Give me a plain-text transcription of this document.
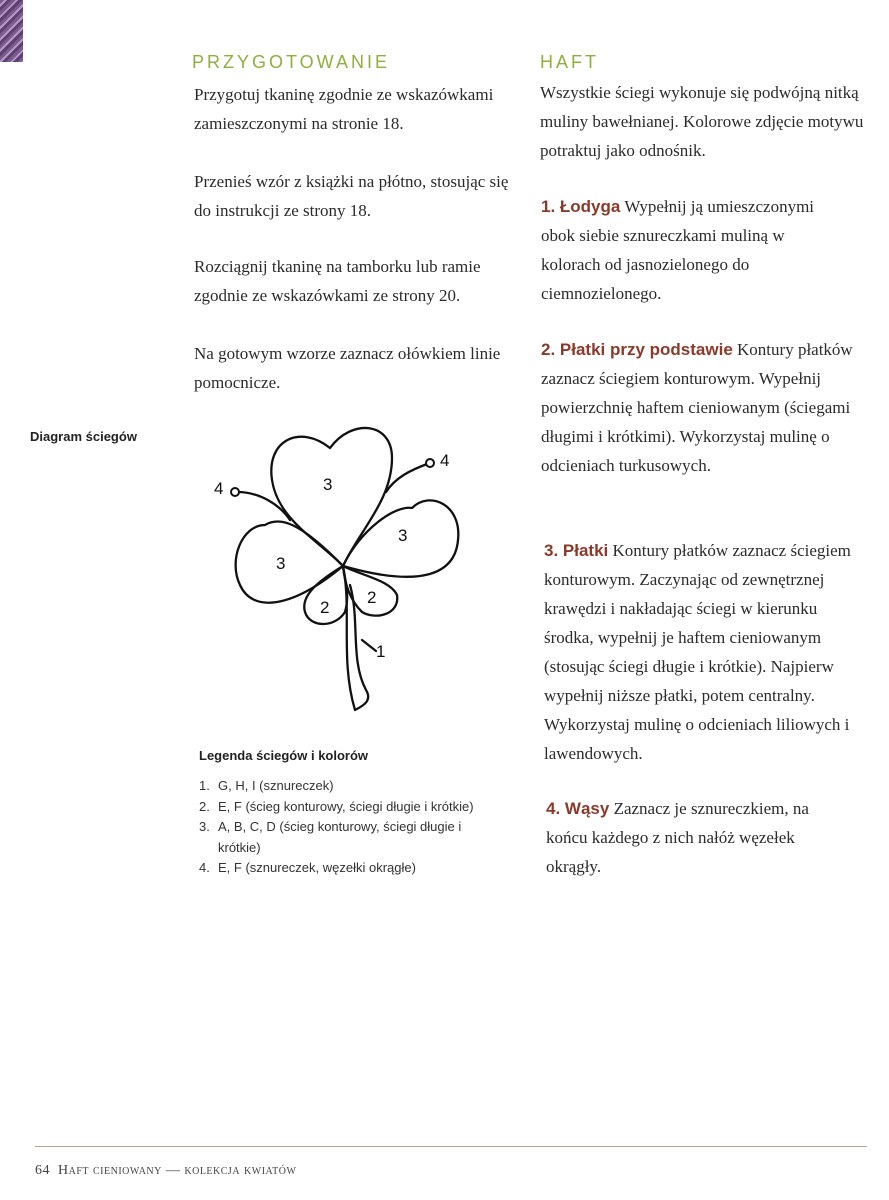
PRZYGOTOWANIE

Przygotuj tkaninę zgodnie ze wskazówkami zamieszczonymi na stronie 18.

Przenieś wzór z książki na płótno, stosując się do instrukcji ze strony 18.

Rozciągnij tkaninę na tamborku lub ramie zgodnie ze wskazówkami ze strony 20.

Na gotowym wzorze zaznacz ołówkiem linie pomocnicze.

Diagram ściegów

3
3
3
2
2
1
4
4

Legenda ściegów i kolorów

1. G, H, I (sznureczek)
2. E, F (ścieg konturowy, ściegi długie i krótkie)
3. A, B, C, D (ścieg konturowy, ściegi długie i krótkie)
4. E, F (sznureczek, węzełki okrągłe)
HAFT

Wszystkie ściegi wykonuje się podwójną nitką muliny bawełnianej. Kolorowe zdjęcie motywu potraktuj jako odnośnik.

1. Łodyga Wypełnij ją umieszczonymi obok siebie sznureczkami muliną w kolorach od jasnozielonego do ciemnozielonego.

2. Płatki przy podstawie Kontury płatków zaznacz ściegiem konturowym. Wypełnij powierzchnię haftem cieniowanym (ściegami długimi i krótkimi). Wykorzystaj mulinę o odcieniach turkusowych.

3. Płatki Kontury płatków zaznacz ściegiem konturowym. Zaczynając od zewnętrznej krawędzi i nakładając ściegi w kierunku środka, wypełnij je haftem cieniowanym (stosując ściegi długie i krótkie). Najpierw wypełnij niższe płatki, potem centralny. Wykorzystaj mulinę o odcieniach liliowych i lawendowych.

4. Wąsy Zaznacz je sznureczkiem, na końcu każdego z nich nałóż węzełek okrągły.

64 Haft cieniowany — kolekcja kwiatów
